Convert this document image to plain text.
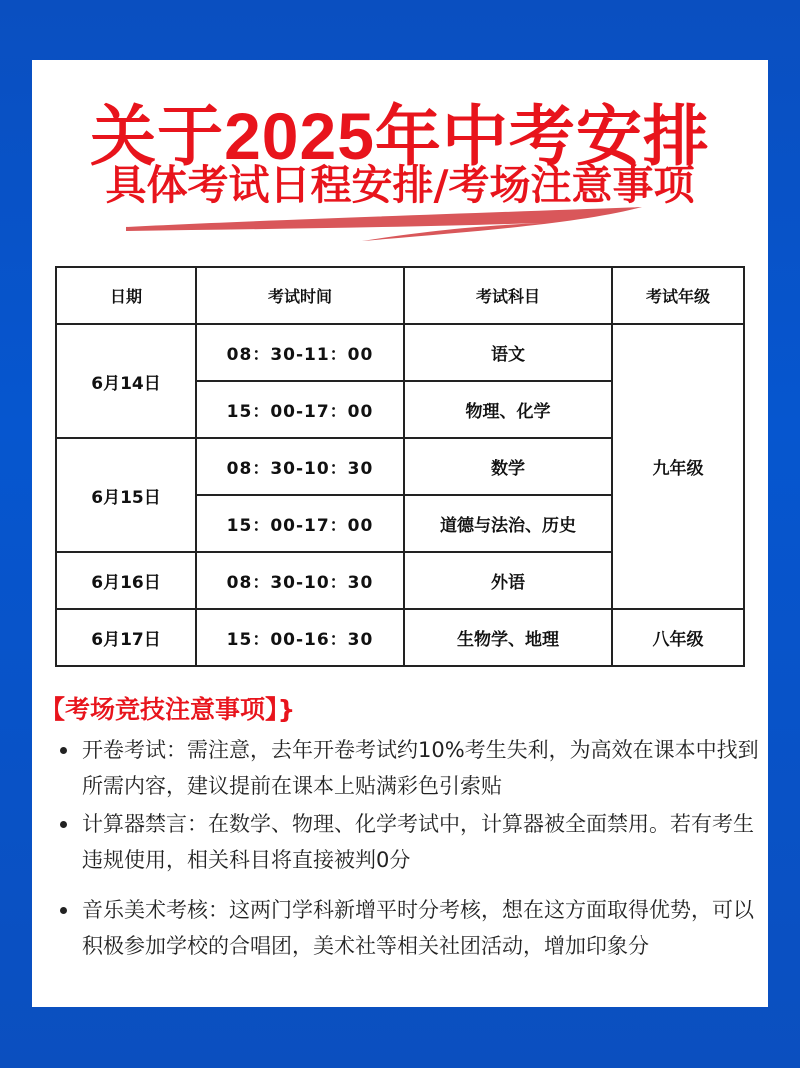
关于2025年中考安排
具体考试日程安排/考场注意事项
日期	考试时间	考试科目	考试年级
6月14日	08：30-11：00	语文	九年级
	15：00-17：00	物理、化学	
6月15日	08：30-10：30	数学	
	15：00-17：00	道德与法治、历史	
6月16日	08：30-10：30	外语	
6月17日	15：00-16：30	生物学、地理	八年级
【考场竞技注意事项】}
开卷考试：需注意，去年开卷考试约10%考生失利，为高效在课本中找到所需内容，建议提前在课本上贴满彩色引索贴
计算器禁言：在数学、物理、化学考试中，计算器被全面禁用。若有考生违规使用，相关科目将直接被判0分
音乐美术考核：这两门学科新增平时分考核，想在这方面取得优势，可以积极参加学校的合唱团，美术社等相关社团活动，增加印象分
